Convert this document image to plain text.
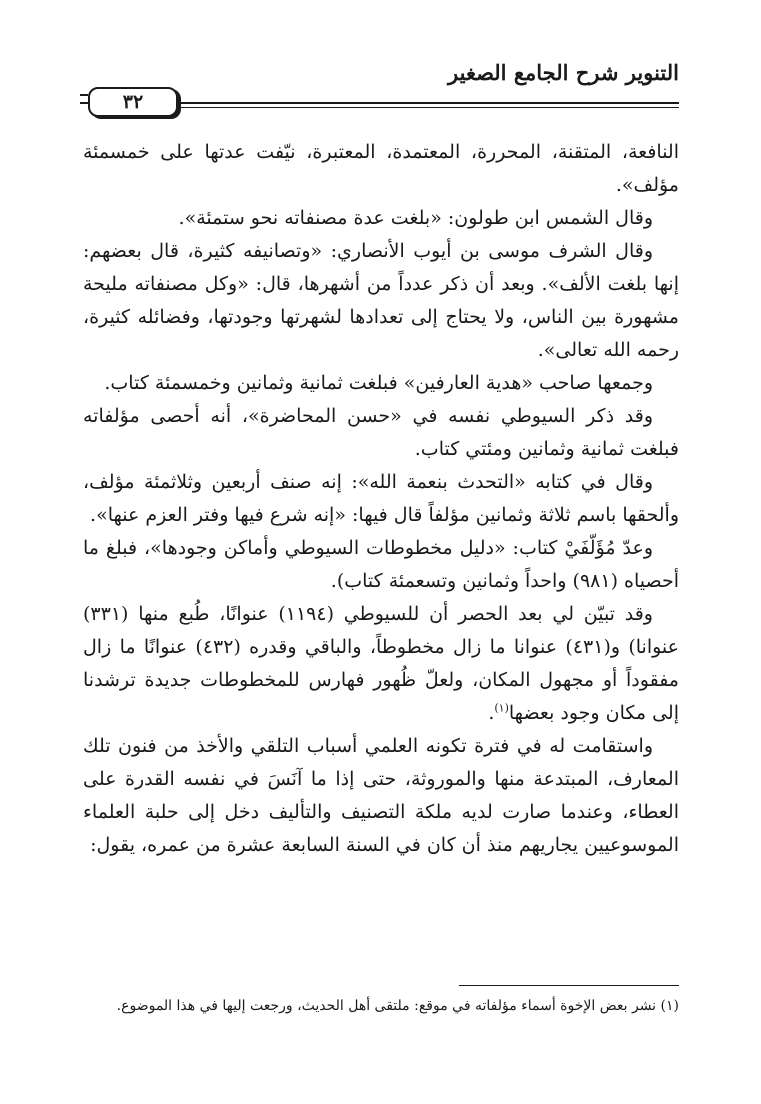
التنوير شرح الجامع الصغير
٣٢

النافعة، المتقنة، المحررة، المعتمدة، المعتبرة، نيّفت عدتها على خمسمئة مؤلف».

وقال الشمس ابن طولون: «بلغت عدة مصنفاته نحو ستمئة».

وقال الشرف موسى بن أيوب الأنصاري: «وتصانيفه كثيرة، قال بعضهم: إنها بلغت الألف». وبعد أن ذكر عدداً من أشهرها، قال: «وكل مصنفاته مليحة مشهورة بين الناس، ولا يحتاج إلى تعدادها لشهرتها وجودتها، وفضائله كثيرة، رحمه الله تعالى».

وجمعها صاحب «هدية العارفين» فبلغت ثمانية وثمانين وخمسمئة كتاب.

وقد ذكر السيوطي نفسه في «حسن المحاضرة»، أنه أحصى مؤلفاته فبلغت ثمانية وثمانين ومئتي كتاب.

وقال في كتابه «التحدث بنعمة الله»: إنه صنف أربعين وثلاثمئة مؤلف، وألحقها باسم ثلاثة وثمانين مؤلفاً قال فيها: «إنه شرع فيها وفتر العزم عنها».

وعدّ مُؤَلّفَيْ كتاب: «دليل مخطوطات السيوطي وأماكن وجودها»، فبلغ ما أحصياه (٩٨١) واحداً وثمانين وتسعمئة كتاب).

وقد تبيّن لي بعد الحصر أن للسيوطي (١١٩٤) عنوانًا، طُبع منها (٣٣١) عنوانا) و(٤٣١) عنوانا ما زال مخطوطاً، والباقي وقدره (٤٣٢) عنوانًا ما زال مفقوداً أو مجهول المكان، ولعلّ ظُهور فهارس للمخطوطات جديدة ترشدنا إلى مكان وجود بعضها$^{(١)}$.

واستقامت له في فترة تكونه العلمي أسباب التلقي والأخذ من فنون تلك المعارف، المبتدعة منها والموروثة، حتى إذا ما آنَسَ في نفسه القدرة على العطاء، وعندما صارت لديه ملكة التصنيف والتأليف دخل إلى حلبة العلماء الموسوعيين يجاريهم منذ أن كان في السنة السابعة عشرة من عمره، يقول:

(١) نشر بعض الإخوة أسماء مؤلفاته في موقع: ملتقى أهل الحديث، ورجعت إليها في هذا الموضوع.
